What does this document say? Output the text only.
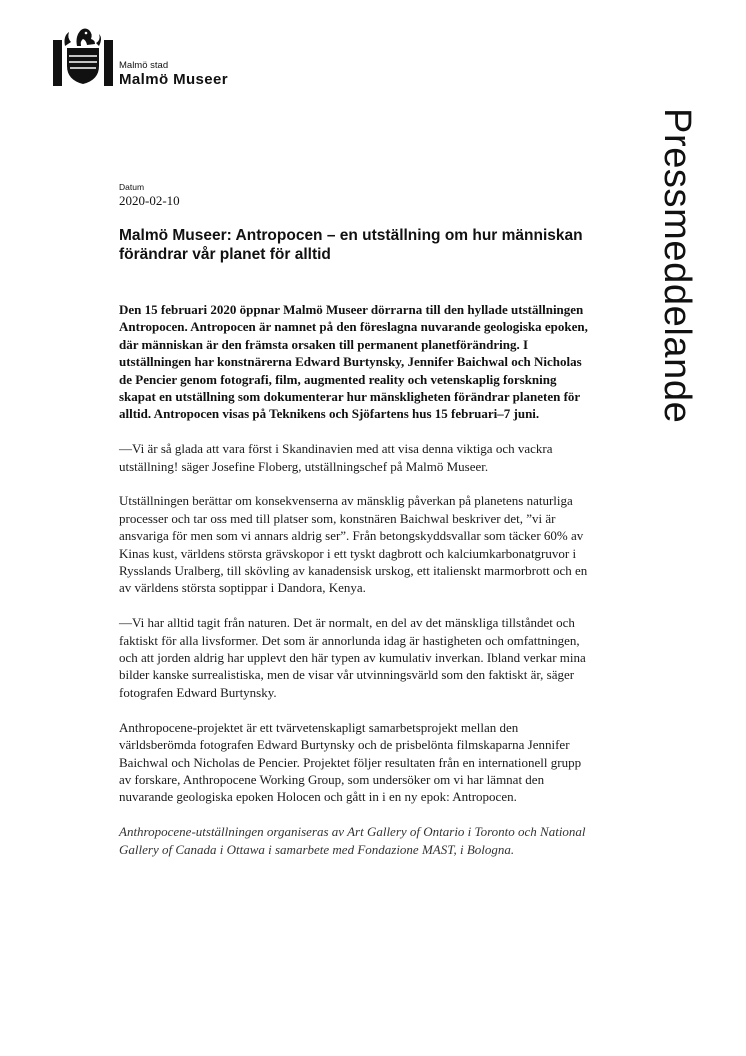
Malmö stad
Malmö Museer
Pressmeddelande
Datum
2020-02-10
Malmö Museer: Antropocen – en utställning om hur människan förändrar vår planet för alltid

Den 15 februari 2020 öppnar Malmö Museer dörrarna till den hyllade utställningen Antropocen. Antropocen är namnet på den föreslagna nuvarande geologiska epoken, där människan är den främsta orsaken till permanent planetförändring. I utställningen har konstnärerna Edward Burtynsky, Jennifer Baichwal och Nicholas de Pencier genom fotografi, film, augmented reality och vetenskaplig forskning skapat en utställning som dokumenterar hur mänskligheten förändrar planeten för alltid. Antropocen visas på Teknikens och Sjöfartens hus 15 februari–7 juni.

—Vi är så glada att vara först i Skandinavien med att visa denna viktiga och vackra utställning! säger Josefine Floberg, utställningschef på Malmö Museer.

Utställningen berättar om konsekvenserna av mänsklig påverkan på planetens naturliga processer och tar oss med till platser som, konstnären Baichwal beskriver det, ”vi är ansvariga för men som vi annars aldrig ser”. Från betongskyddsvallar som täcker 60% av Kinas kust, världens största grävskopor i ett tyskt dagbrott och kalciumkarbonatgruvor i Rysslands Uralberg, till skövling av kanadensisk urskog, ett italienskt marmorbrott och en av världens största soptippar i Dandora, Kenya.

—Vi har alltid tagit från naturen. Det är normalt, en del av det mänskliga tillståndet och faktiskt för alla livsformer. Det som är annorlunda idag är hastigheten och omfattningen, och att jorden aldrig har upplevt den här typen av kumulativ inverkan. Ibland verkar mina bilder kanske surrealistiska, men de visar vår utvinningsvärld som den faktiskt är, säger fotografen Edward Burtynsky.

Anthropocene-projektet är ett tvärvetenskapligt samarbetsprojekt mellan den världsberömda fotografen Edward Burtynsky och de prisbelönta filmskaparna Jennifer Baichwal och Nicholas de Pencier. Projektet följer resultaten från en internationell grupp av forskare, Anthropocene Working Group, som undersöker om vi har lämnat den nuvarande geologiska epoken Holocen och gått in i en ny epok: Antropocen.

Anthropocene-utställningen organiseras av Art Gallery of Ontario i Toronto och National Gallery of Canada i Ottawa i samarbete med Fondazione MAST, i Bologna.
